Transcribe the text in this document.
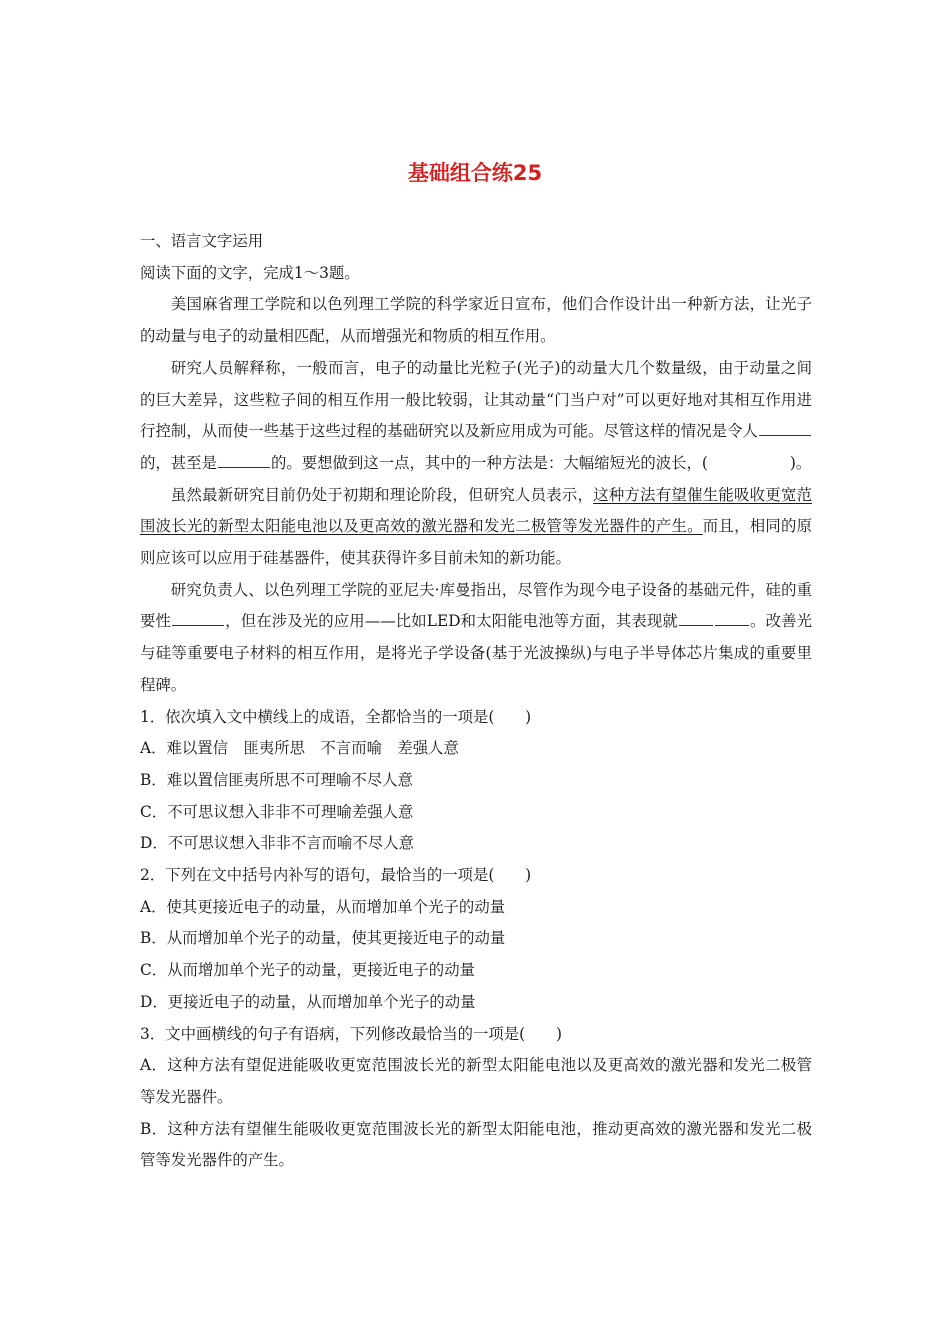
基础组合练25

一、语言文字运用

阅读下面的文字，完成1～3题。

美国麻省理工学院和以色列理工学院的科学家近日宣布，他们合作设计出一种新方法，让光子的动量与电子的动量相匹配，从而增强光和物质的相互作用。

研究人员解释称，一般而言，电子的动量比光粒子(光子)的动量大几个数量级，由于动量之间的巨大差异，这些粒子间的相互作用一般比较弱，让其动量“门当户对”可以更好地对其相互作用进行控制，从而使一些基于这些过程的基础研究以及新应用成为可能。尽管这样的情况是令人的，甚至是	的。要想做到这一点，其中的一种方法是：大幅缩短光的波长，(	)。

虽然最新研究目前仍处于初期和理论阶段，但研究人员表示，这种方法有望催生能吸收更宽范围波长光的新型太阳能电池以及更高效的激光器和发光二极管等发光器件的产生。而且，相同的原则应该可以应用于硅基器件，使其获得许多目前未知的新功能。

研究负责人、以色列理工学院的亚尼夫·库曼指出，尽管作为现今电子设备的基础元件，硅的重要性	，但在涉及光的应用——比如LED和太阳能电池等方面，其表现就	。改善光与硅等重要电子材料的相互作用，是将光子学设备(基于光波操纵)与电子半导体芯片集成的重要里程碑。

1．依次填入文中横线上的成语，全都恰当的一项是(　　)

A．难以置信　匪夷所思　不言而喻　差强人意

B．难以置信匪夷所思不可理喻不尽人意

C．不可思议想入非非不可理喻差强人意

D．不可思议想入非非不言而喻不尽人意

2．下列在文中括号内补写的语句，最恰当的一项是(　　)

A．使其更接近电子的动量，从而增加单个光子的动量

B．从而增加单个光子的动量，使其更接近电子的动量

C．从而增加单个光子的动量，更接近电子的动量

D．更接近电子的动量，从而增加单个光子的动量

3．文中画横线的句子有语病，下列修改最恰当的一项是(　　)

A．这种方法有望促进能吸收更宽范围波长光的新型太阳能电池以及更高效的激光器和发光二极管等发光器件。

B．这种方法有望催生能吸收更宽范围波长光的新型太阳能电池，推动更高效的激光器和发光二极管等发光器件的产生。
